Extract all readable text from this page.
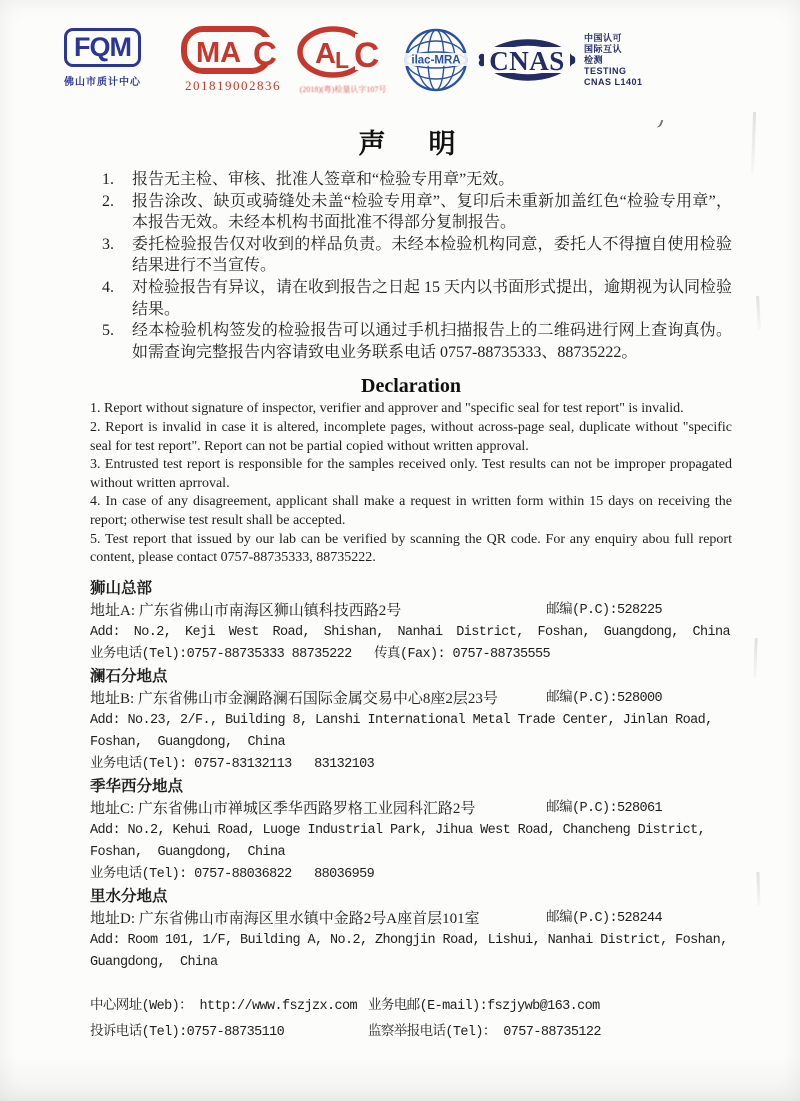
FQM
佛山市质计中心
MA C
201819002836
A L C
(2018)(粤)检量认字107号
ilac-MRA CNAS
中国认可
国际互认
检测
TESTING
CNAS L1401
声　明
1.	报告无主检、审核、批准人签章和“检验专用章”无效。
2.	报告涂改、缺页或骑缝处未盖“检验专用章”、复印后未重新加盖红色“检验专用章”，本报告无效。未经本机构书面批准不得部分复制报告。
3.	委托检验报告仅对收到的样品负责。未经本检验机构同意，委托人不得擅自使用检验结果进行不当宣传。
4.	对检验报告有异议，请在收到报告之日起 15 天内以书面形式提出，逾期视为认同检验结果。
5.	经本检验机构签发的检验报告可以通过手机扫描报告上的二维码进行网上查询真伪。如需查询完整报告内容请致电业务联系电话 0757-88735333、88735222。
Declaration

1. Report without signature of inspector, verifier and approver and "specific seal for test report" is invalid.

2. Report is invalid in case it is altered, incomplete pages, without across-page seal, duplicate without "specific seal for test report". Report can not be partial copied without written approval.

3. Entrusted test report is responsible for the samples received only. Test results can not be improper propagated without written aprroval.

4. In case of any disagreement, applicant shall make a request in written form within 15 days on receiving the report; otherwise test result shall be accepted.

5. Test report that issued by our lab can be verified by scanning the QR code. For any enquiry abou full report content, please contact 0757-88735333, 88735222.

狮山总部
地址A: 广东省佛山市南海区狮山镇科技西路2号	邮编(P.C):528225
Add: No.2, Keji West Road, Shishan, Nanhai District, Foshan, Guangdong, China
业务电话(Tel):0757-88735333 88735222   传真(Fax): 0757-88735555
澜石分地点
地址B: 广东省佛山市金澜路澜石国际金属交易中心8座2层23号	邮编(P.C):528000
Add: No.23, 2/F., Building 8, Lanshi International Metal Trade Center, Jinlan Road,
Foshan,  Guangdong,  China
业务电话(Tel): 0757-83132113   83132103
季华西分地点
地址C: 广东省佛山市禅城区季华西路罗格工业园科汇路2号	邮编(P.C):528061
Add: No.2, Kehui Road, Luoge Industrial Park, Jihua West Road, Chancheng District,
Foshan,  Guangdong,  China
业务电话(Tel): 0757-88036822   88036959
里水分地点
地址D: 广东省佛山市南海区里水镇中金路2号A座首层101室	邮编(P.C):528244
Add: Room 101, 1/F, Building A, No.2, Zhongjin Road, Lishui, Nanhai District, Foshan,
Guangdong,  China
中心网址(Web)： http://www.fszjzx.com 业务电邮(E-mail):fszjywb@163.com
投诉电话(Tel):0757-88735110	监察举报电话(Tel)： 0757-88735122
